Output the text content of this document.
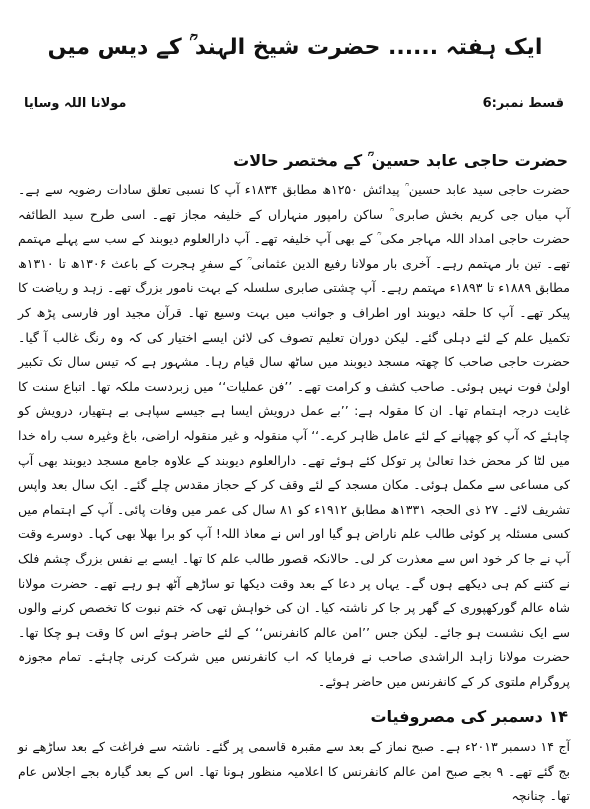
ایک ہفتہ ...... حضرت شیخ الہند ؒ کے دیس میں
قسط نمبر:6
مولانا اللہ وسایا
حضرت حاجی عابد حسین ؒ کے مختصر حالات
حضرت حاجی سید عابد حسین ؒ پیدائش ۱۲۵۰ھ مطابق ۱۸۳۴ء آپ کا نسبی تعلق سادات رضویہ سے ہے۔ آپ میاں جی کریم بخش صابری ؒ ساکن رامپور منہاراں کے خلیفہ مجاز تھے۔ اسی طرح سید الطائفہ حضرت حاجی امداد اللہ مہاجر مکی ؒ کے بھی آپ خلیفہ تھے۔ آپ دارالعلوم دیوبند کے سب سے پہلے مہتمم تھے۔ تین بار مہتمم رہے۔ آخری بار مولانا رفیع الدین عثمانی ؒ کے سفرِ ہجرت کے باعث ۱۳۰۶ھ تا ۱۳۱۰ھ مطابق ۱۸۸۹ء تا ۱۸۹۳ء مہتمم رہے۔ آپ چشتی صابری سلسلہ کے بہت نامور بزرگ تھے۔ زہد و ریاضت کا پیکر تھے۔ آپ کا حلقہ دیوبند اور اطراف و جوانب میں بہت وسیع تھا۔ قرآن مجید اور فارسی پڑھ کر تکمیل علم کے لئے دہلی گئے۔ لیکن دوران تعلیم تصوف کی لائن ایسے اختیار کی کہ وہ رنگ غالب آ گیا۔ حضرت حاجی صاحب کا چھتہ مسجد دیوبند میں ساٹھ سال قیام رہا۔ مشہور ہے کہ تیس سال تک تکبیر اولیٰ فوت نہیں ہوئی۔ صاحب کشف و کرامت تھے۔ ’’فن عملیات‘‘ میں زبردست ملکہ تھا۔ اتباع سنت کا غایت درجہ اہتمام تھا۔ ان کا مقولہ ہے: ’’بے عمل درویش ایسا ہے جیسے سپاہی بے ہتھیار، درویش کو چاہئے کہ آپ کو چھپانے کے لئے عامل ظاہر کرے۔‘‘ آپ منقولہ و غیر منقولہ اراضی، باغ وغیرہ سب راہ خدا میں لٹا کر محض خدا تعالیٰ پر توکل کئے ہوئے تھے۔ دارالعلوم دیوبند کے علاوہ جامع مسجد دیوبند بھی آپ کی مساعی سے مکمل ہوئی۔ مکان مسجد کے لئے وقف کر کے حجاز مقدس چلے گئے۔ ایک سال بعد واپس تشریف لائے۔ ۲۷ ذی الحجہ ۱۳۳۱ھ مطابق ۱۹۱۲ء کو ۸۱ سال کی عمر میں وفات پائی۔ آپ کے اہتمام میں کسی مسئلہ پر کوئی طالب علم ناراض ہو گیا اور اس نے معاذ اللہ! آپ کو برا بھلا بھی کہا۔ دوسرے وقت آپ نے جا کر خود اس سے معذرت کر لی۔ حالانکہ قصور طالب علم کا تھا۔ ایسے بے نفس بزرگ چشم فلک نے کتنے کم ہی دیکھے ہوں گے۔ یہاں پر دعا کے بعد وقت دیکھا تو ساڑھے آٹھ ہو رہے تھے۔ حضرت مولانا شاہ عالم گورکھپوری کے گھر پر جا کر ناشتہ کیا۔ ان کی خواہش تھی کہ ختم نبوت کا تخصص کرنے والوں سے ایک نشست ہو جائے۔ لیکن جس ’’امن عالم کانفرنس‘‘ کے لئے حاضر ہوئے اس کا وقت ہو چکا تھا۔ حضرت مولانا زاہد الراشدی صاحب نے فرمایا کہ اب کانفرنس میں شرکت کرنی چاہئے۔ تمام مجوزہ پروگرام ملتوی کر کے کانفرنس میں حاضر ہوئے۔
۱۴ دسمبر کی مصروفیات
آج ۱۴ دسمبر ۲۰۱۳ء ہے۔ صبح نماز کے بعد سے مقبرہ قاسمی پر گئے۔ ناشتہ سے فراغت کے بعد ساڑھے نو بج گئے تھے۔ ۹ بجے صبح امن عالم کانفرنس کا اعلامیہ منظور ہونا تھا۔ اس کے بعد گیارہ بجے اجلاس عام تھا۔ چنانچہ
